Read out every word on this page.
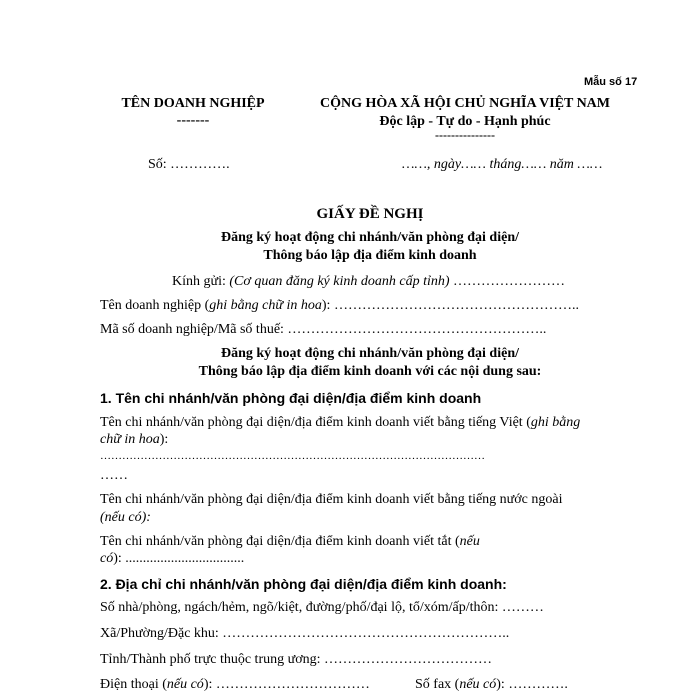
Mẫu số 17
TÊN DOANH NGHIỆP
-------
CỘNG HÒA XÃ HỘI CHỦ NGHĨA VIỆT NAM
Độc lập - Tự do - Hạnh phúc
---------------
Số: ………….	……, ngày…… tháng…… năm ……
GIẤY ĐỀ NGHỊ
Đăng ký hoạt động chi nhánh/văn phòng đại diện/
Thông báo lập địa điểm kinh doanh
Kính gửi: (Cơ quan đăng ký kinh doanh cấp tỉnh) ……………………
Tên doanh nghiệp (ghi bằng chữ in hoa): ……………………………………………..
Mã số doanh nghiệp/Mã số thuế: ………………………………………………..
Đăng ký hoạt động chi nhánh/văn phòng đại diện/
Thông báo lập địa điểm kinh doanh với các nội dung sau:
1. Tên chi nhánh/văn phòng đại diện/địa điểm kinh doanh
Tên chi nhánh/văn phòng đại diện/địa điểm kinh doanh viết bằng tiếng Việt (ghi bằng
chữ in hoa):
……………………………………………………………………………………………
……
Tên chi nhánh/văn phòng đại diện/địa điểm kinh doanh viết bằng tiếng nước ngoài
(nếu có):
Tên chi nhánh/văn phòng đại diện/địa điểm kinh doanh viết tắt (nếu
có): ..................................
2. Địa chỉ chi nhánh/văn phòng đại diện/địa điểm kinh doanh:
Số nhà/phòng, ngách/hẻm, ngõ/kiệt, đường/phố/đại lộ, tổ/xóm/ấp/thôn: ………
Xã/Phường/Đặc khu: ……………………………………………………..
Tỉnh/Thành phố trực thuộc trung ương: ………………………………
Điện thoại (nếu có): ……………………………	Số fax (nếu có): ………….
